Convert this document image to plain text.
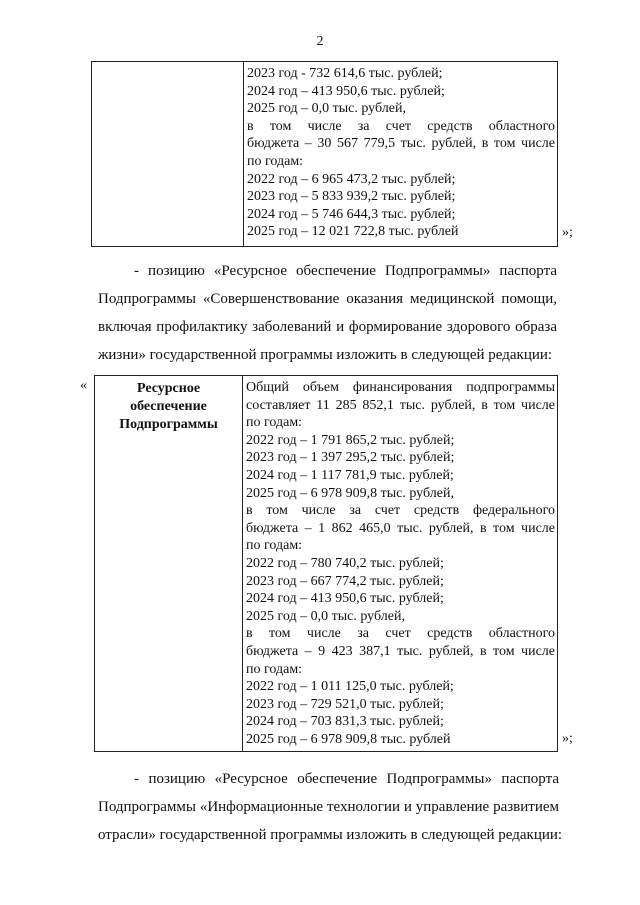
2

2023 год - 732 614,6 тыс. рублей;
2024 год – 413 950,6 тыс. рублей;
2025 год – 0,0 тыс. рублей,
в том числе за счет средств областного
бюджета – 30 567 779,5 тыс. рублей, в том числе
по годам:
2022 год – 6 965 473,2 тыс. рублей;
2023 год – 5 833 939,2 тыс. рублей;
2024 год – 5 746 644,3 тыс. рублей;
2025 год – 12 021 722,8 тыс. рублей	»;
- позицию «Ресурсное обеспечение Подпрограммы» паспорта
Подпрограммы «Совершенствование оказания медицинской помощи,
включая профилактику заболеваний и формирование здорового образа
жизни» государственной программы изложить в следующей редакции:
«	Ресурсное
обеспечение
Подпрограммы

Общий объем финансирования подпрограммы
составляет 11 285 852,1 тыс. рублей, в том числе
по годам:
2022 год – 1 791 865,2 тыс. рублей;
2023 год – 1 397 295,2 тыс. рублей;
2024 год – 1 117 781,9 тыс. рублей;
2025 год – 6 978 909,8 тыс. рублей,
в том числе за счет средств федерального
бюджета – 1 862 465,0 тыс. рублей, в том числе
по годам:
2022 год – 780 740,2 тыс. рублей;
2023 год – 667 774,2 тыс. рублей;
2024 год – 413 950,6 тыс. рублей;
2025 год – 0,0 тыс. рублей,
в том числе за счет средств областного
бюджета – 9 423 387,1 тыс. рублей, в том числе
по годам:
2022 год – 1 011 125,0 тыс. рублей;
2023 год – 729 521,0 тыс. рублей;
2024 год – 703 831,3 тыс. рублей;
2025 год – 6 978 909,8 тыс. рублей	»;
- позицию «Ресурсное обеспечение Подпрограммы» паспорта
Подпрограммы «Информационные технологии и управление развитием
отрасли» государственной программы изложить в следующей редакции:
